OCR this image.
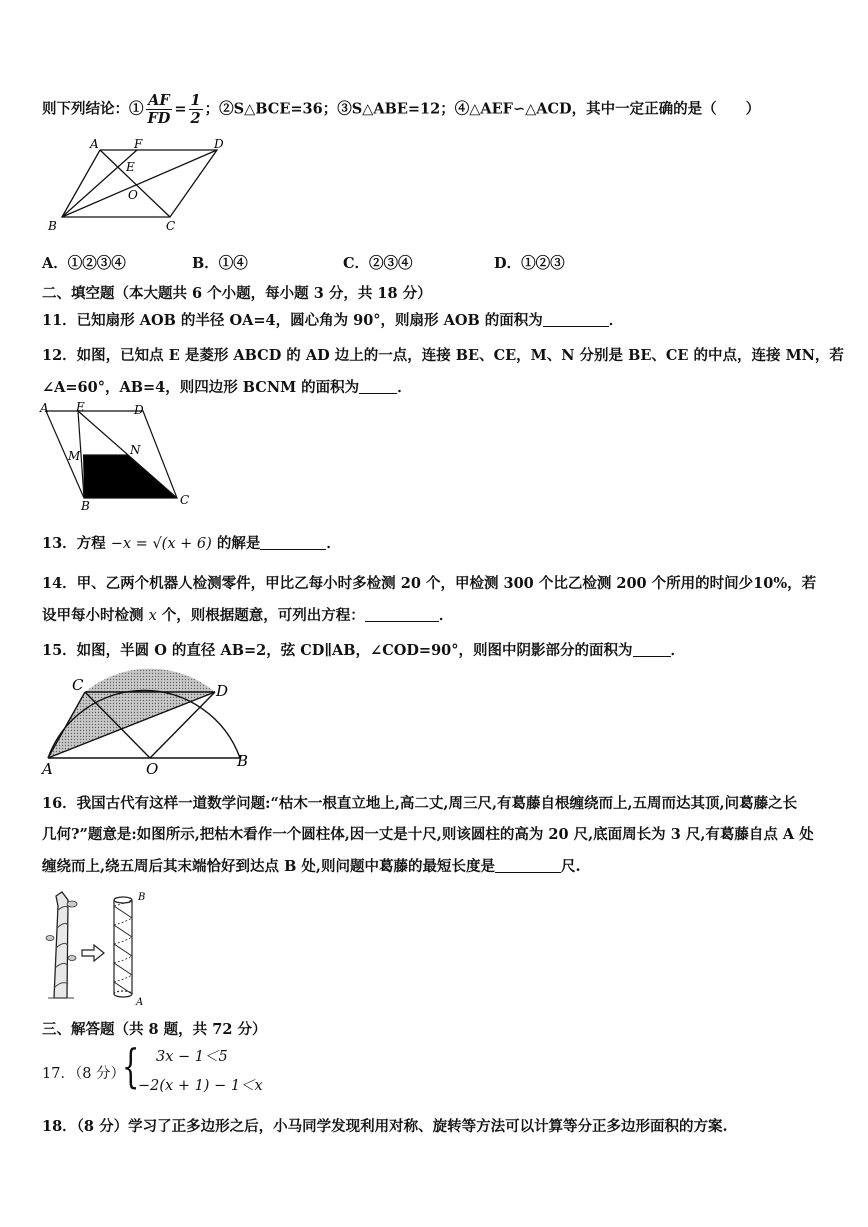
则下列结论：① $\frac{AF}{FD} = \frac{1}{2}$ ；②S△BCE=36；③S△ABE=12；④△AEF∽△ACD，其中一定正确的是（　　）
A	F	D
E
O
B	C
A．①②③④	B．①④	C．②③④	D．①②③
二、填空题（本大题共 6 个小题，每小题 3 分，共 18 分）
11．已知扇形 AOB 的半径 OA=4，圆心角为 90°，则扇形 AOB 的面积为	．
12．如图，已知点 E 是菱形 ABCD 的 AD 边上的一点，连接 BE、CE，M、N 分别是 BE、CE 的中点，连接 MN，若
∠A=60°，AB=4，则四边形 BCNM 的面积为	．
A E	D
M	N
B	C
13．方程 −x = √(x + 6) 的解是	．
14．甲、乙两个机器人检测零件，甲比乙每小时多检测 20 个，甲检测 300 个比乙检测 200 个所用的时间少10%，若
设甲每小时检测 x 个，则根据题意，可列出方程：	．
15．如图，半圆 O 的直径 AB=2，弦 CD∥AB，∠COD=90°，则图中阴影部分的面积为	．
C	D
A	O	B
16．我国古代有这样一道数学问题:“枯木一根直立地上,高二丈,周三尺,有葛藤自根缠绕而上,五周而达其顶,问葛藤之长
几何?”题意是:如图所示,把枯木看作一个圆柱体,因一丈是十尺,则该圆柱的高为 20 尺,底面周长为 3 尺,有葛藤自点 A 处
缠绕而上,绕五周后其末端恰好到达点 B 处,则问题中葛藤的最短长度是	尺.
B
A
三、解答题（共 8 题，共 72 分）
17．（8 分）
{ 3x − 1＜5
−2(x + 1) − 1＜x
18．（8 分）学习了正多边形之后，小马同学发现利用对称、旋转等方法可以计算等分正多边形面积的方案.
